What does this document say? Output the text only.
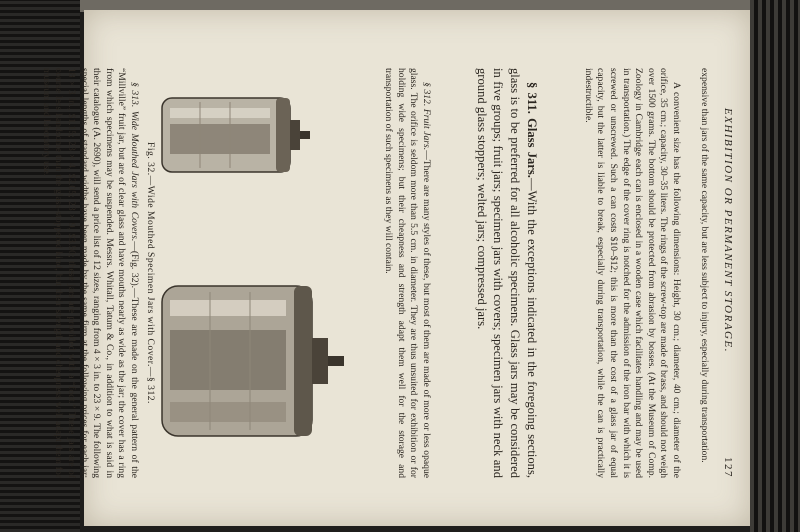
EXHIBITION OR PERMANENT STORAGE.
127

expensive than jars of the same capacity, but are less subject to injury, especially during transportation.

A convenient size has the following dimensions: Height, 30 cm.; diameter, 40 cm.; diameter of the orifice, 35 cm.; capacity, 30–35 liters. The rings of the screw-top are made of brass, and should not weigh over 1500 grams. The bottom should be protected from abrasion by bosses. (At the Museum of Comp. Zoology in Cambridge each can is enclosed in a wooden case which facilitates handling and may be used in transportation.) The edge of the cover ring is notched for the admission of the iron bar with which it is screwed or unscrewed. Such a can costs $10–$12; this is more than the cost of a glass jar of equal capacity, but the latter is liable to break, especially during transportation, while the can is practically indestructible.

§ 311. Glass Jars.—With the exceptions indicated in the foregoing sections, glass is to be preferred for all alcoholic specimens. Glass jars may be considered in five groups; fruit jars; specimen jars with covers; specimen jars with neck and ground glass stoppers; welted jars; compressed jars.

§ 312. Fruit Jars.—There are many styles of these, but most of them are made of more or less opaque glass. The orifice is seldom more than 5.5 cm. in diameter. They are thus unsuited for exhibition or for holding wide specimens; but their cheapness and strength adapt them well for the storage and transportation of such specimens as they will contain.

Fig. 32.—Wide Mouthed Specimen Jars with Cover.—§ 312.

§ 313. Wide Mouthed Jars with Covers.—(Fig. 32).—These are made on the general pattern of the “Millville” fruit jar, but are of clear glass and have mouths nearly as wide as the jar; the cover has a ring from which specimens may be suspended. Messrs. Whitall, Tatum & Co., in addition to what is said in their catalogue (A. 2690), will send a price list of 12 sizes, ranging from 4 × 3 in. to 23 × 9. The following special lengths of standard widths have been made by the same firm at the following prices for each jar: 18 × 3 in., $1.15; 23 × 4, $2.05; 23 × 9, $3.50; these jars are provided with a “foot.” These jars are of course less handsome than the glass-stoppered kind, but their strength and cheapness well adapt them for museum and laboratory use.
